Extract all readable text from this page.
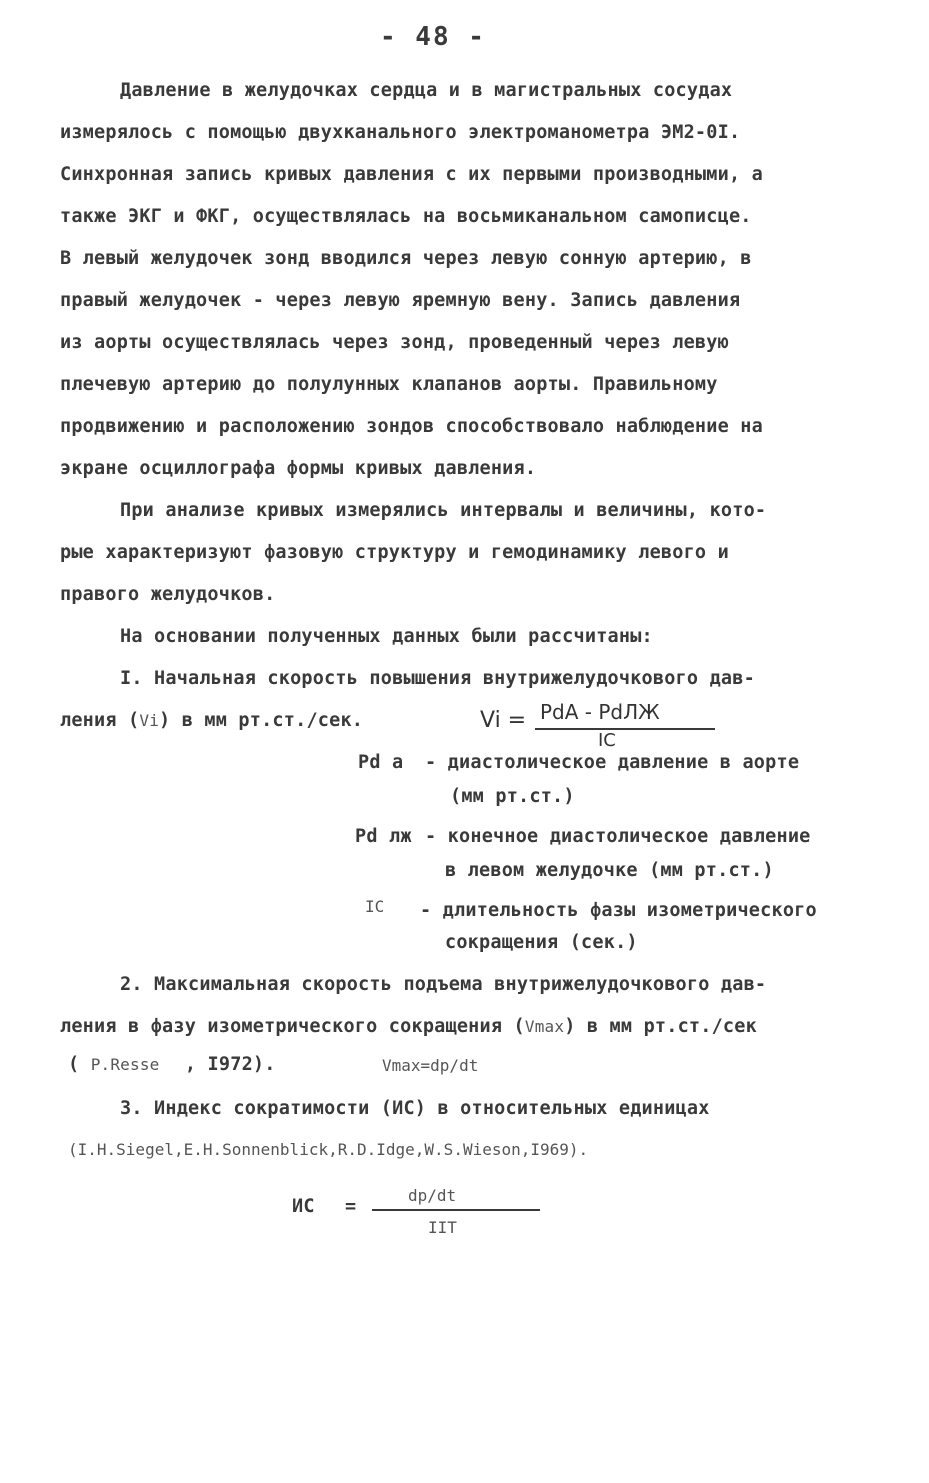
- 48 -
Давление в желудочках сердца и в магистральных сосудах
измерялось с помощью двухканального электроманометра ЭМ2-0I.
Синхронная запись кривых давления с их первыми производными, а
также ЭКГ и ФКГ, осуществлялась на восьмиканальном самописце.
В левый желудочек зонд вводился через левую сонную артерию, в
правый желудочек - через левую яремную вену. Запись давления
из аорты осуществлялась через зонд, проведенный через левую
плечевую артерию до полулунных клапанов аорты. Правильному
продвижению и расположению зондов способствовало наблюдение на
экране осциллографа формы кривых давления.
При анализе кривых измерялись интервалы и величины, кото-
рые характеризуют фазовую структуру и гемодинамику левого и
правого желудочков.
На основании полученных данных были рассчитаны:
I. Начальная скорость повышения внутрижелудочкового дав-
ления (Vi) в мм рт.ст./сек.	Vi = PdA - PdЛЖ
IC
Pd а - диастолическое давление в аорте
(мм рт.ст.)
Pd лж - конечное диастолическое давление
в левом желудочке (мм рт.ст.)
IC - длительность фазы изометрического
сокращения (сек.)
2. Максимальная скорость подъема внутрижелудочкового дав-
ления в фазу изометрического сокращения (Vmax) в мм рт.ст./сек
( P.Resse , I972).	Vmax=dp/dt
3. Индекс сократимости (ИС) в относительных единицах
(I.H.Siegel,E.H.Sonnenblick,R.D.Idge,W.S.Wieson,I969).
ИС =
dp/dt
IIT
